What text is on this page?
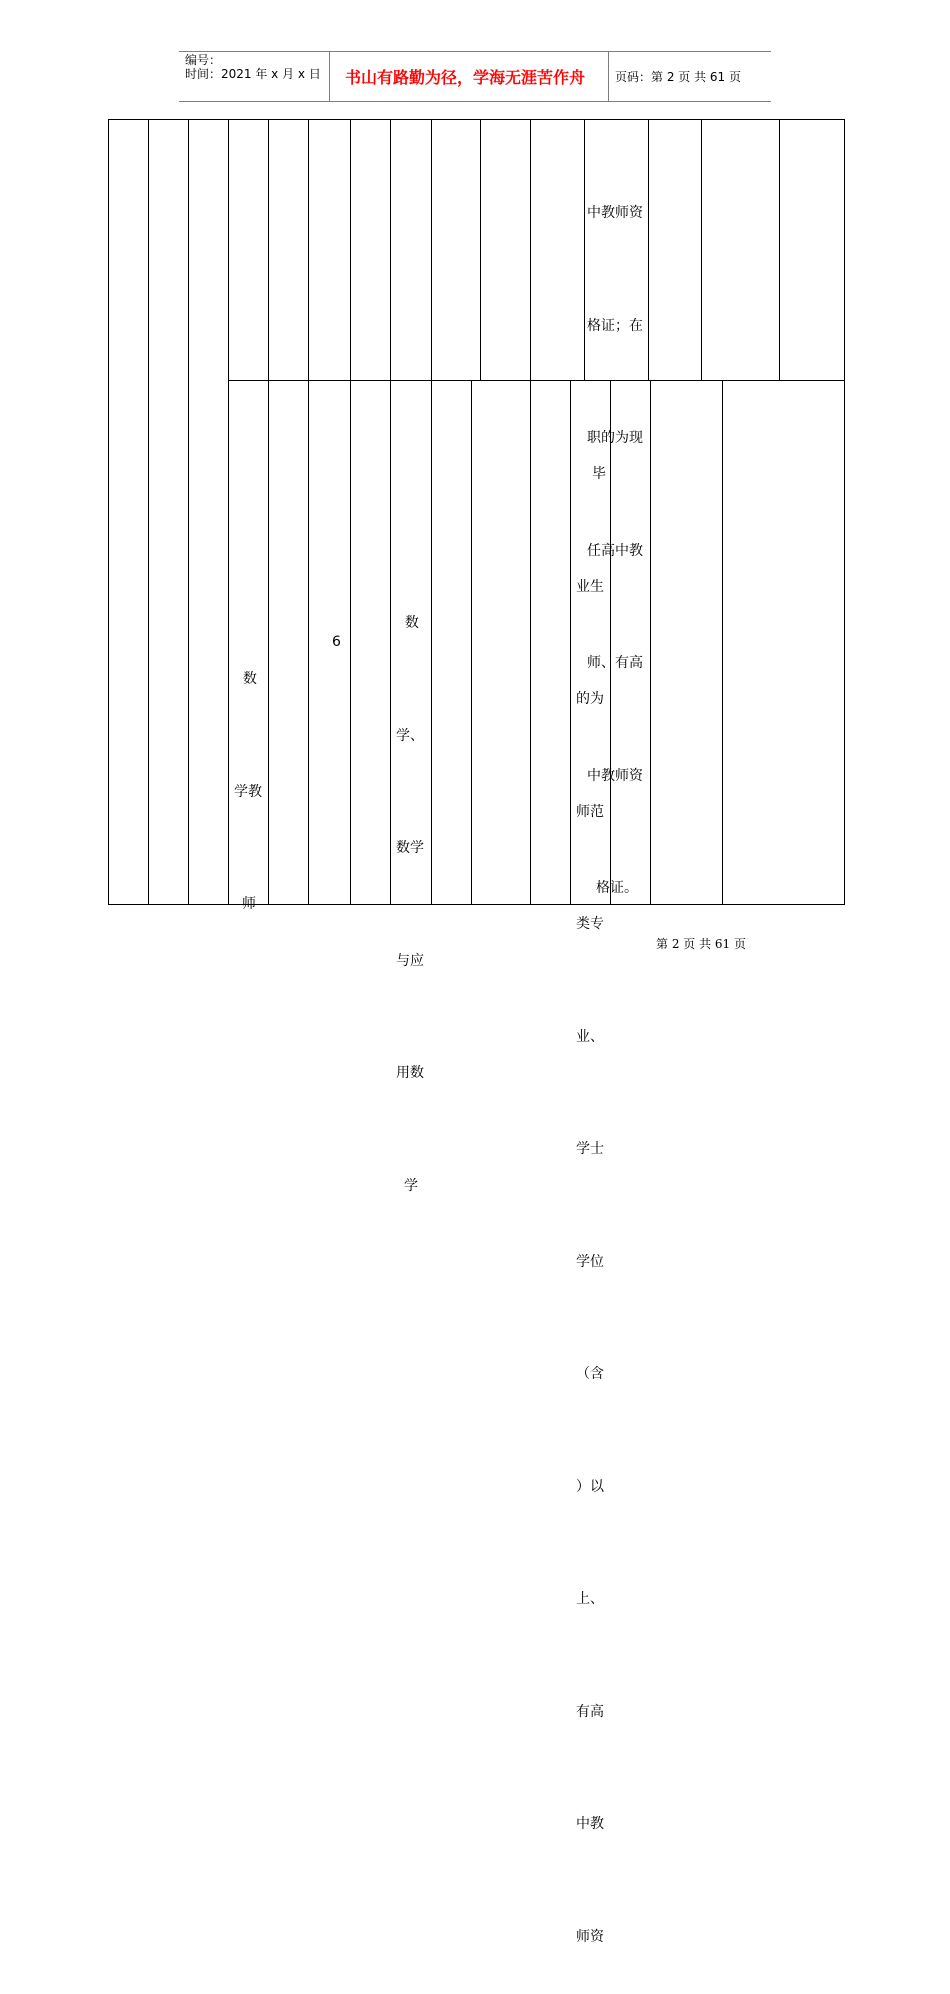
编号：
时间：2021 年 x 月 x 日 书山有路勤为径，学海无涯苦作舟 页码：第 2 页 共 61 页

中教师资

格证；在

职的为现

任高中教

师、有高

中教师资

格证。

数

学教

师

6

数

学、

数学

与应

用数

学

毕

业生

的为

师范

类专

业、

学士

学位

（含

）以

上、

有高

中教

师资

第 2 页 共 61 页
